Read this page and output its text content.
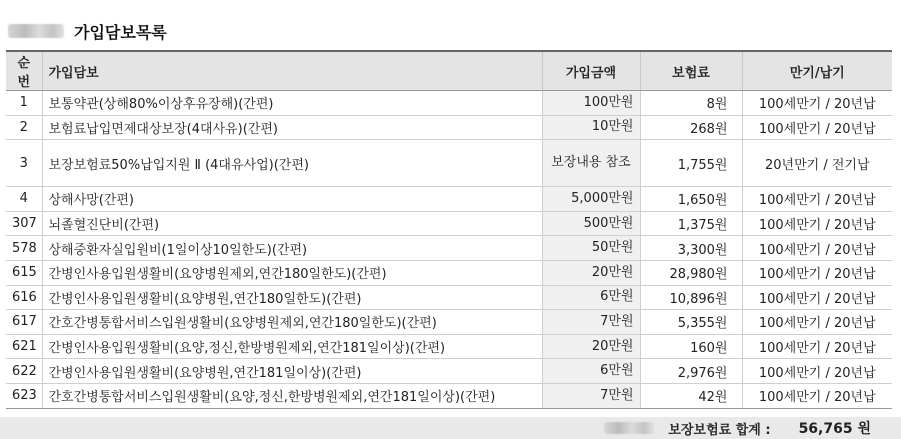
가입담보목록
순번	가입담보	가입금액	보험료	만기/납기
1	보통약관(상해80%이상후유장해)(간편)	100만원	8원	100세만기 / 20년납
2	보험료납입면제대상보장(4대사유)(간편)	10만원	268원	100세만기 / 20년납
3	보장보험료50%납입지원 Ⅱ (4대유사업)(간편)	보장내용 참조	1,755원	20년만기 / 전기납
4	상해사망(간편)	5,000만원	1,650원	100세만기 / 20년납
307	뇌졸혈진단비(간편)	500만원	1,375원	100세만기 / 20년납
578	상해중환자실입원비(1일이상10일한도)(간편)	50만원	3,300원	100세만기 / 20년납
615	간병인사용입원생활비(요양병원제외,연간180일한도)(간편)	20만원	28,980원	100세만기 / 20년납
616	간병인사용입원생활비(요양병원,연간180일한도)(간편)	6만원	10,896원	100세만기 / 20년납
617	간호간병통합서비스입원생활비(요양병원제외,연간180일한도)(간편)	7만원	5,355원	100세만기 / 20년납
621	간병인사용입원생활비(요양,정신,한방병원제외,연간181일이상)(간편)	20만원	160원	100세만기 / 20년납
622	간병인사용입원생활비(요양병원,연간181일이상)(간편)	6만원	2,976원	100세만기 / 20년납
623	간호간병통합서비스입원생활비(요양,정신,한방병원제외,연간181일이상)(간편)	7만원	42원	100세만기 / 20년납
보장보험료 합계 : 56,765 원
